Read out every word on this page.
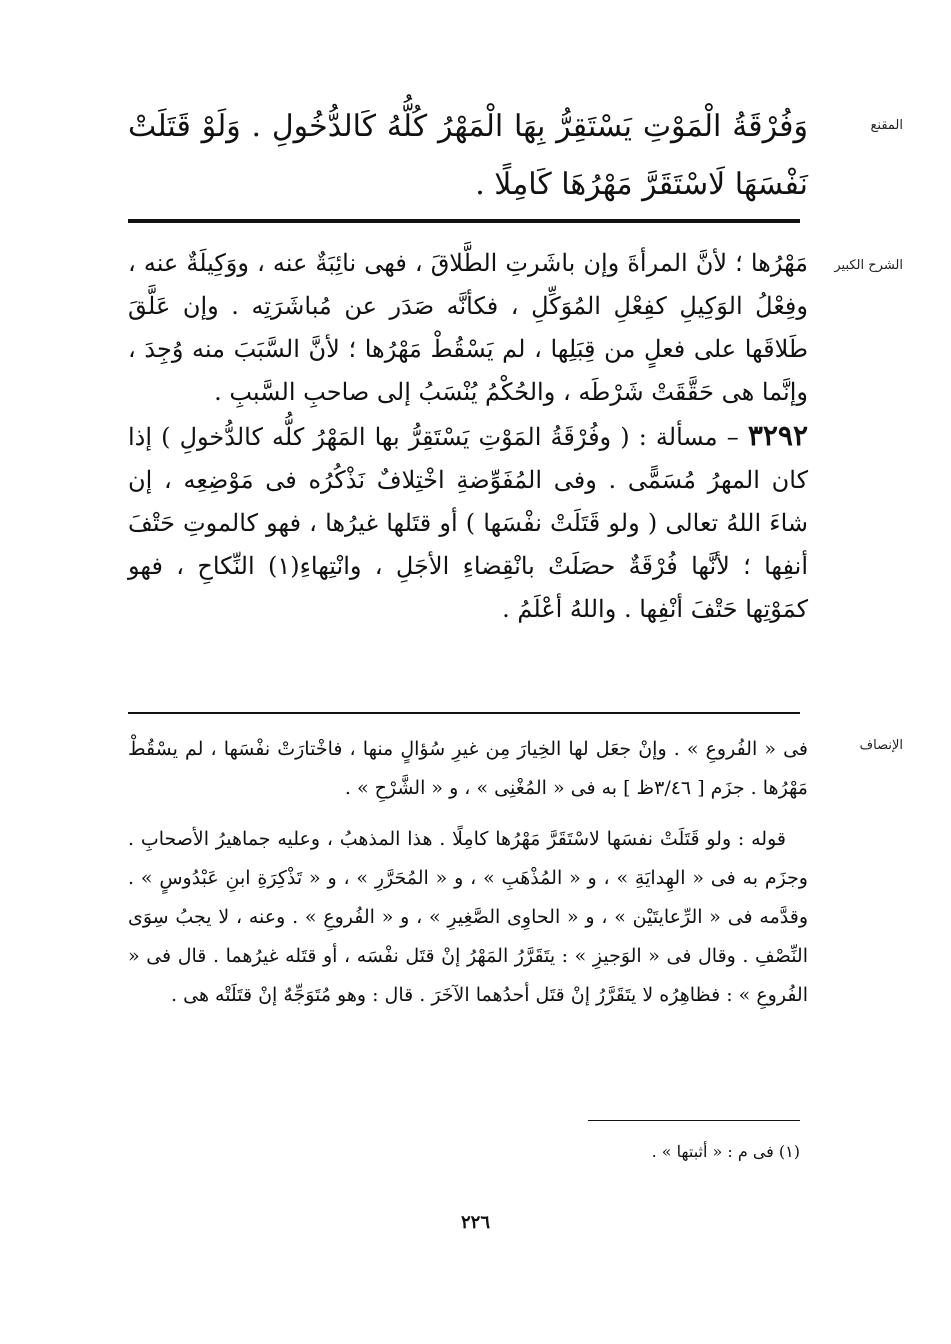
المقنع

وَفُرْقَةُ الْمَوْتِ يَسْتَقِرُّ بِهَا الْمَهْرُ كُلُّهُ كَالدُّخُولِ . وَلَوْ قَتَلَتْ نَفْسَهَا لَاسْتَقَرَّ مَهْرُهَا كَامِلًا .

الشرح الكبير

مَهْرُها ؛ لأنَّ المرأةَ وإن باشَرتِ الطَّلاقَ ، فهى نائِبَةٌ عنه ، ووَكِيلَةٌ عنه ، وفِعْلُ الوَكِيلِ كفِعْلِ المُوَكِّلِ ، فكأنَّه صَدَر عن مُباشَرَتِه . وإن عَلَّقَ طَلاقَها على فعلٍ من قِبَلِها ، لم يَسْقُطْ مَهْرُها ؛ لأنَّ السَّبَبَ منه وُجِدَ ، وإنَّما هى حَقَّقَتْ شَرْطَه ، والحُكْمُ يُنْسَبُ إلى صاحبِ السَّببِ .

٣٢٩٢ – مسألة : ( وفُرْقَةُ المَوْتِ يَسْتَقِرُّ بها المَهْرُ كلُّه كالدُّخولِ ) إذا كان المهرُ مُسَمًّى . وفى المُفَوِّضةِ اخْتِلافٌ نَذْكُرُه فى مَوْضِعِه ، إن شاءَ اللهُ تعالى ( ولو قَتَلَتْ نفْسَها ) أو قتَلها غيرُها ، فهو كالموتِ حَتْفَ أنفِها ؛ لأنَّها فُرْقَةٌ حصَلَتْ بانْقِضاءِ الأجَلِ ، وانْتِهاءِ(١) النِّكاحِ ، فهو كمَوْتِها حَتْفَ أنْفِها . واللهُ أعْلَمُ .

الإنصاف

فى « الفُروعِ » . وإنْ جعَل لها الخِيارَ مِن غيرِ سُؤالٍ منها ، فاخْتارَتْ نفْسَها ، لم يسْقُطْ مَهْرُها . جزَم [ ٣/٤٦ظ ] به فى « المُغْنِى » ، و « الشَّرْحِ » .

قوله : ولو قَتَلَتْ نفسَها لاسْتَقَرَّ مَهْرُها كامِلًا . هذا المذهبُ ، وعليه جماهيرُ الأصحابِ . وجزَم به فى « الهِدايَةِ » ، و « المُذْهَبِ » ، و « المُحَرَّرِ » ، و « تَذْكِرَةِ ابنِ عَبْدُوسٍ » . وقدَّمه فى « الرِّعايتَيْن » ، و « الحاوِى الصَّغِيرِ » ، و « الفُروعِ » . وعنه ، لا يجبُ سِوَى النِّصْفِ . وقال فى « الوَجيزِ » : يتَقَرَّرُ المَهْرُ إنْ قتَل نفْسَه ، أو قتَله غيرُهما . قال فى « الفُروعِ » : فظاهِرُه لا يتَقَرَّرُ إنْ قتَل أحدُهما الآخَرَ . قال : وهو مُتَوَجِّهٌ إنْ قتَلَتْه هى .

(١) فى م : « أثبتها » .
٢٢٦
